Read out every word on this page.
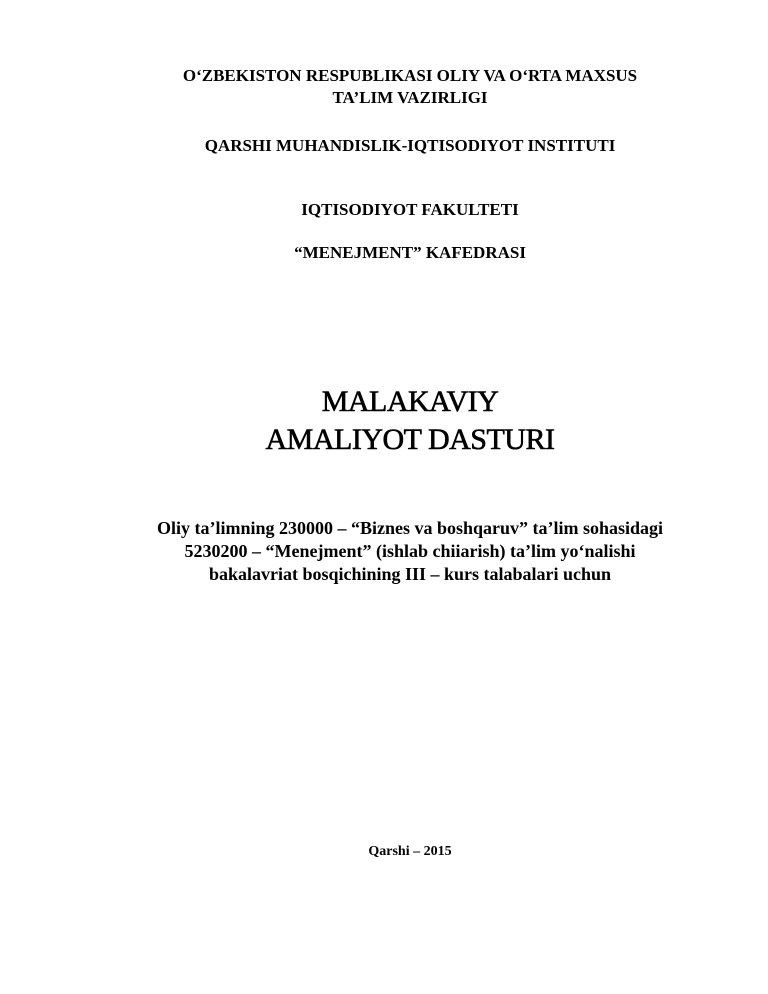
O‘ZBEKISTON RESPUBLIKASI OLIY VA O‘RTA MAXSUS
TA’LIM VAZIRLIGI
QARSHI MUHANDISLIK-IQTISODIYOT INSTITUTI
IQTISODIYOT FAKULTETI
“MENEJMENT” KAFEDRASI
MALAKAVIY
AMALIYOT DASTURI
Oliy ta’limning 230000 – “Biznes va boshqaruv” ta’lim sohasidagi
5230200 – “Menejment” (ishlab chiiarish) ta’lim yo‘nalishi
bakalavriat bosqichining III – kurs talabalari uchun
Qarshi – 2015
